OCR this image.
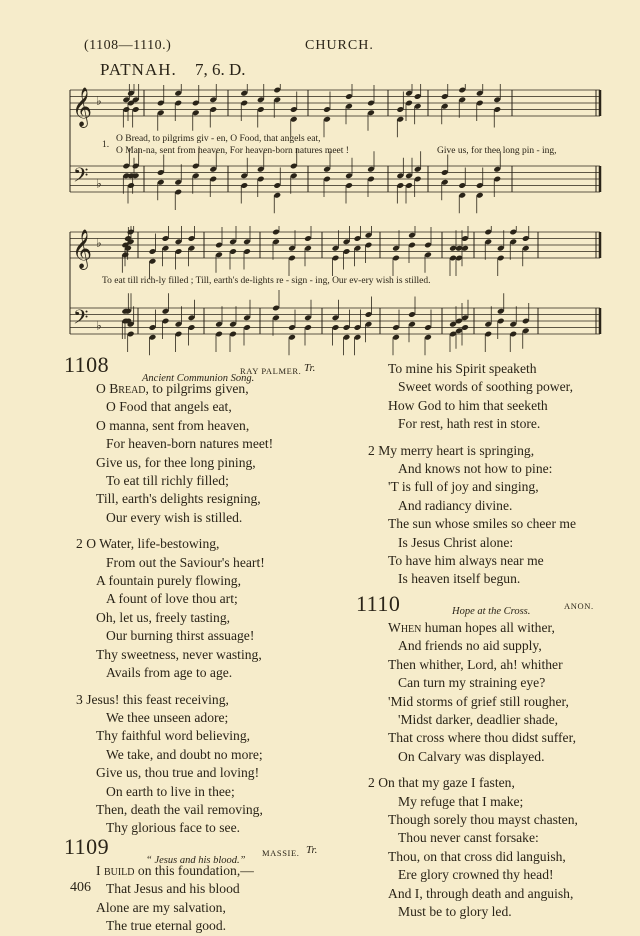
(1108—1110.)	CHURCH.
PATNAH. 7, 6. D.
𝄞
𝄢
♭
♭
1.
O Bread, to pilgrims giv - en, O Food, that angels eat,
O Man-na, sent from heaven, For heaven-born natures meet !	Give us, for thee long pin - ing,
𝄞
𝄢
♭
♭
To eat till rich-ly filled ; Till, earth's de-lights re - sign - ing, Our ev-ery wish is stilled.
1108	RAY PALMER. Tr.
Ancient Communion Song.
O Bread, to pilgrims given,
O Food that angels eat,
O manna, sent from heaven,
For heaven-born natures meet!
Give us, for thee long pining,
To eat till richly filled;
Till, earth's delights resigning,
Our every wish is stilled.
2 O Water, life-bestowing,
From out the Saviour's heart!
A fountain purely flowing,
A fount of love thou art;
Oh, let us, freely tasting,
Our burning thirst assuage!
Thy sweetness, never wasting,
Avails from age to age.
3 Jesus! this feast receiving,
We thee unseen adore;
Thy faithful word believing,
We take, and doubt no more;
Give us, thou true and loving!
On earth to live in thee;
Then, death the vail removing,
Thy glorious face to see.
1109	MASSIE. Tr.
“ Jesus and his blood.”
I build on this foundation,—
That Jesus and his blood
Alone are my salvation,
The true eternal good.
To mine his Spirit speaketh
Sweet words of soothing power,
How God to him that seeketh
For rest, hath rest in store.
2 My merry heart is springing,
And knows not how to pine:
'T is full of joy and singing,
And radiancy divine.
The sun whose smiles so cheer me
Is Jesus Christ alone:
To have him always near me
Is heaven itself begun.
1110	ANON.
Hope at the Cross.
When human hopes all wither,
And friends no aid supply,
Then whither, Lord, ah! whither
Can turn my straining eye?
'Mid storms of grief still rougher,
'Midst darker, deadlier shade,
That cross where thou didst suffer,
On Calvary was displayed.
2 On that my gaze I fasten,
My refuge that I make;
Though sorely thou mayst chasten,
Thou never canst forsake:
Thou, on that cross did languish,
Ere glory crowned thy head!
And I, through death and anguish,
Must be to glory led.
406
